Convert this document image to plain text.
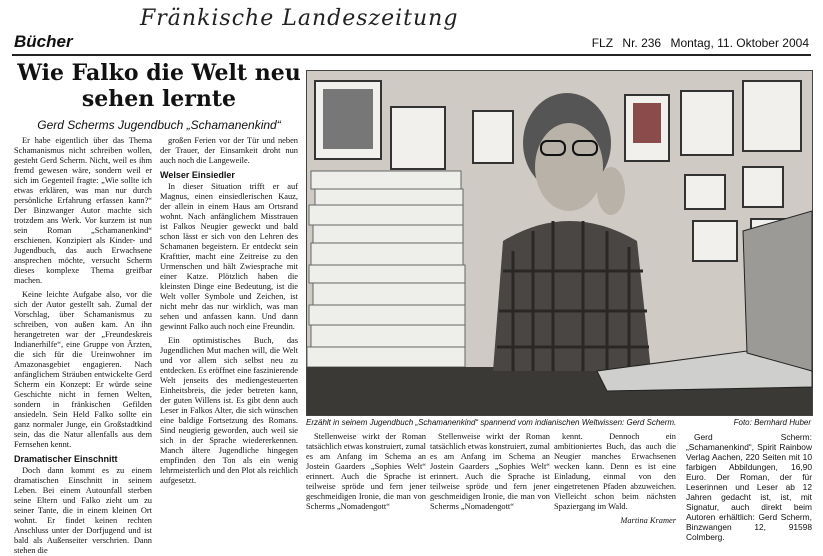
Fränkische Landeszeitung
Bücher	FLZ Nr. 236 Montag, 11. Oktober 2004
Wie Falko die Welt neu sehen lernte
Gerd Scherms Jugendbuch „Schamanenkind“

Er habe eigentlich über das Thema Schamanismus nicht schreiben wollen, gesteht Gerd Scherm. Nicht, weil es ihm fremd gewesen wäre, sondern weil er sich im Gegenteil fragte: „Wie sollte ich etwas erklären, was man nur durch persönliche Erfahrung erfassen kann?“ Der Binzwanger Autor machte sich trotzdem ans Werk. Vor kurzem ist nun sein Roman „Schamanenkind“ erschienen. Konzipiert als Kinder- und Jugendbuch, das auch Erwachsene ansprechen möchte, versucht Scherm dieses komplexe Thema greifbar machen.

Keine leichte Aufgabe also, vor die sich der Autor gestellt sah. Zumal der Vorschlag, über Schamanismus zu schreiben, von außen kam. An ihn herangetreten war der „Freundeskreis Indianerhilfe“, eine Gruppe von Ärzten, die sich für die Ureinwohner im Amazonasgebiet engagieren. Nach anfänglichem Sträuben entwickelte Gerd Scherm ein Konzept: Er würde seine Geschichte nicht in fernen Welten, sondern in fränkischen Gefilden ansiedeln. Sein Held Falko sollte ein ganz normaler Junge, ein Großstadtkind sein, das die Natur allenfalls aus dem Fernsehen kennt.

Dramatischer Einschnitt

Doch dann kommt es zu einem dramatischen Einschnitt in seinem Leben. Bei einem Autounfall sterben seine Eltern und Falko zieht um zu seiner Tante, die in einem kleinen Ort wohnt. Er findet keinen rechten Anschluss unter der Dorfjugend und ist bald als Außenseiter verschrien. Dann stehen die

großen Ferien vor der Tür und neben der Trauer, der Einsamkeit droht nun auch noch die Langeweile.

Welser Einsiedler

In dieser Situation trifft er auf Magnus, einen einsiedlerischen Kauz, der allein in einem Haus am Ortsrand wohnt. Nach anfänglichem Misstrauen ist Falkos Neugier geweckt und bald schon lässt er sich von den Lehren des Schamanen begeistern. Er entdeckt sein Krafttier, macht eine Zeitreise zu den Urmenschen und hält Zwiesprache mit einer Katze. Plötzlich haben die kleinsten Dinge eine Bedeutung, ist die Welt voller Symbole und Zeichen, ist nicht mehr das nur wirklich, was man sehen und anfassen kann. Und dann gewinnt Falko auch noch eine Freundin.

Ein optimistisches Buch, das Jugendlichen Mut machen will, die Welt und vor allem sich selbst neu zu entdecken. Es eröffnet eine faszinierende Welt jenseits des mediengesteuerten Einheitsbreis, die jeder betreten kann, der guten Willens ist. Es gibt denn auch Leser in Falkos Alter, die sich wünschen eine baldige Fortsetzung des Romans. Sind neugierig geworden, auch weil sie sich in der Sprache wiedererkennen. Manch ältere Jugendliche hingegen empfinden den Ton als ein wenig lehrmeisterlich und den Plot als reichlich aufgesetzt.

Erzählt in seinem Jugendbuch „Schamanenkind“ spannend vom indianischen Weltwissen: Gerd Scherm.	Foto: Bernhard Huber

Stellenweise wirkt der Roman tatsächlich etwas konstruiert, zumal es am Anfang im Schema an Jostein Gaarders „Sophies Welt“ erinnert. Auch die Sprache ist teilweise spröde und fern jener geschmeidigen Ironie, die man von Scherms „Nomadengott“

Stellenweise wirkt der Roman tatsächlich etwas konstruiert, zumal es am Anfang im Schema an Jostein Gaarders „Sophies Welt“ erinnert. Auch die Sprache ist teilweise spröde und fern jener geschmeidigen Ironie, die man von Scherms „Nomadengott“

kennt. Dennoch ein ambitioniertes Buch, das auch die Neugier manches Erwachsenen wecken kann. Denn es ist eine Einladung, einmal von den eingetretenen Pfaden abzuweichen. Vielleicht schon beim nächsten Spaziergang im Wald.

Martina Kramer

Gerd Scherm: „Schamanenkind“, Spirit Rainbow Verlag Aachen, 220 Seiten mit 10 farbigen Abbildungen, 16,90 Euro. Der Roman, der für Leserinnen und Leser ab 12 Jahren gedacht ist, ist, mit Signatur, auch direkt beim Autoren erhältlich: Gerd Scherm, Binzwangen 12, 91598 Colmberg.
